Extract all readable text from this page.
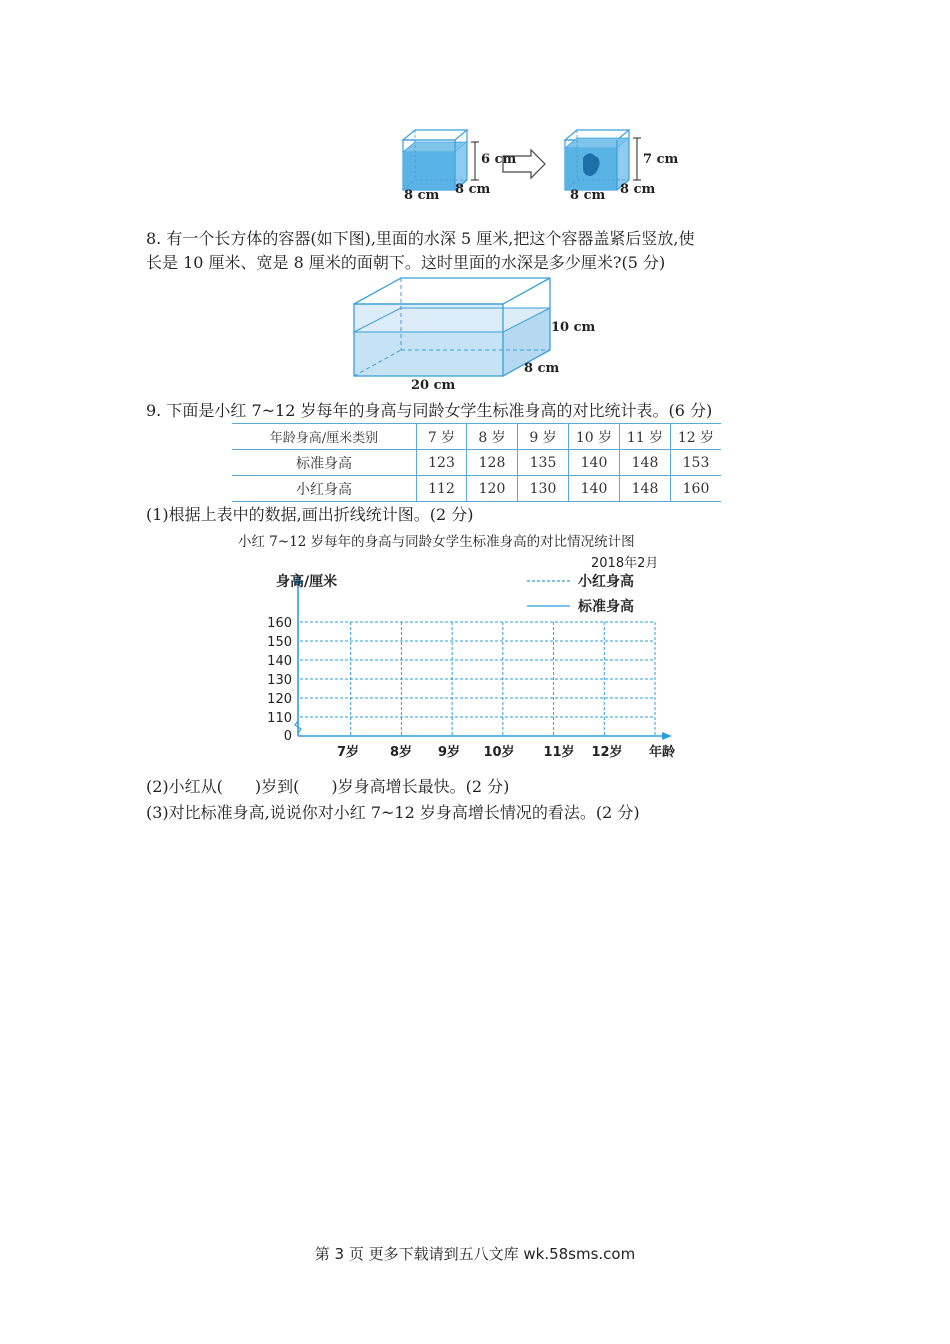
6 cm	7 cm
8 cm 8 cm	8 cm 8 cm
8. 有一个长方体的容器(如下图),里面的水深 5 厘米,把这个容器盖紧后竖放,使
长是 10 厘米、宽是 8 厘米的面朝下。这时里面的水深是多少厘米?(5 分)
10 cm
8 cm
20 cm
9. 下面是小红 7~12 岁每年的身高与同龄女学生标准身高的对比统计表。(6 分)
年龄身高/厘米类别	7 岁	8 岁	9 岁	10 岁	11 岁	12 岁
标准身高	123	128	135	140	148	153
小红身高	112	120	130	140	148	160
(1)根据上表中的数据,画出折线统计图。(2 分)
小红 7~12 岁每年的身高与同龄女学生标准身高的对比情况统计图
2018年2月
0
110
120
130
140
150
160
7岁 8岁 9岁 10岁 11岁 12岁
身高/厘米
年龄
小红身高
标准身高
(2)小红从(　　)岁到(　　)岁身高增长最快。(2 分)
(3)对比标准身高,说说你对小红 7~12 岁身高增长情况的看法。(2 分)
第 3 页 更多下载请到五八文库 wk.58sms.com
